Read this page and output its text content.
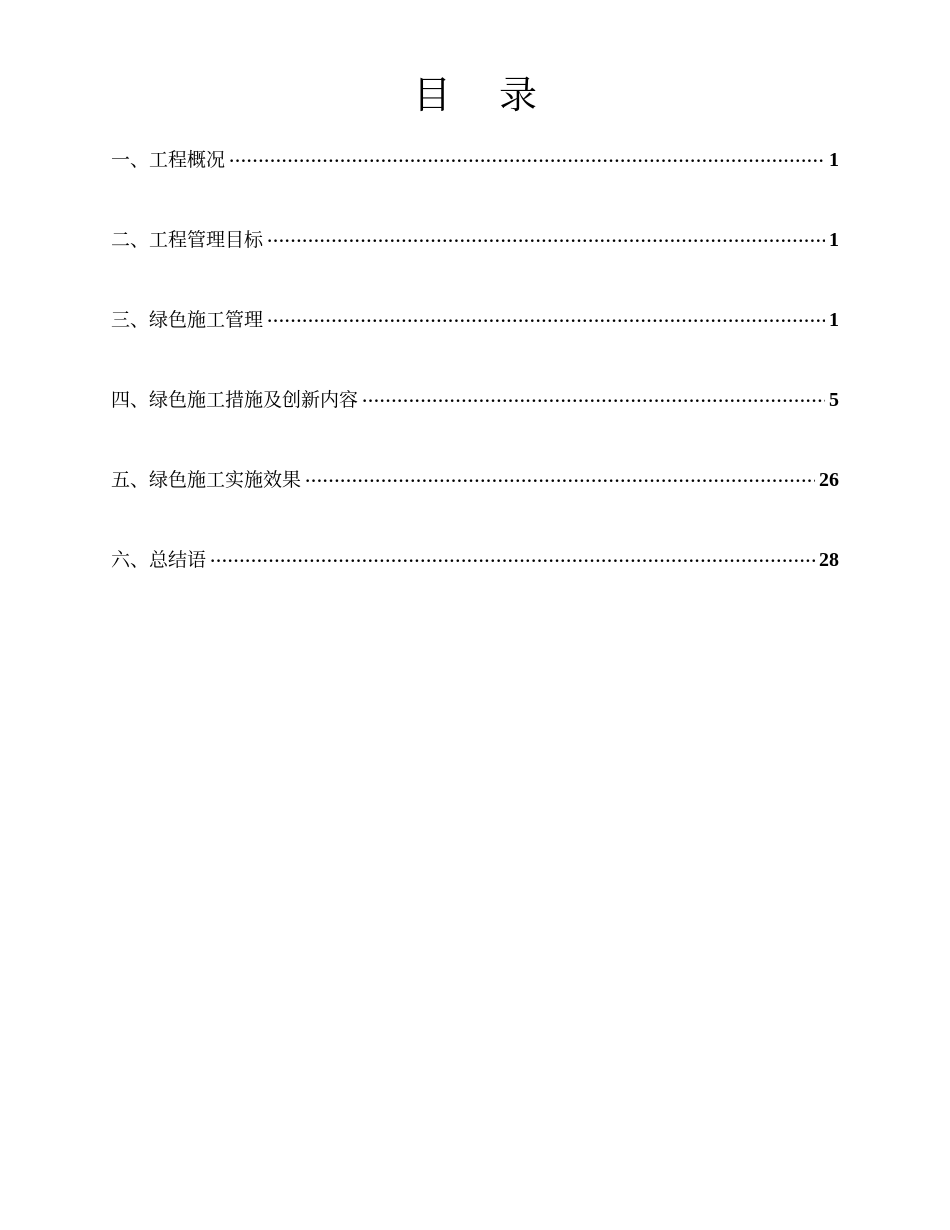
目 录
一、工程概况 ·····	1
二、工程管理目标 ·····	1
三、绿色施工管理 ·····	1
四、绿色施工措施及创新内容 ·····	5
五、绿色施工实施效果 ·····	26
六、总结语 ·····	28
